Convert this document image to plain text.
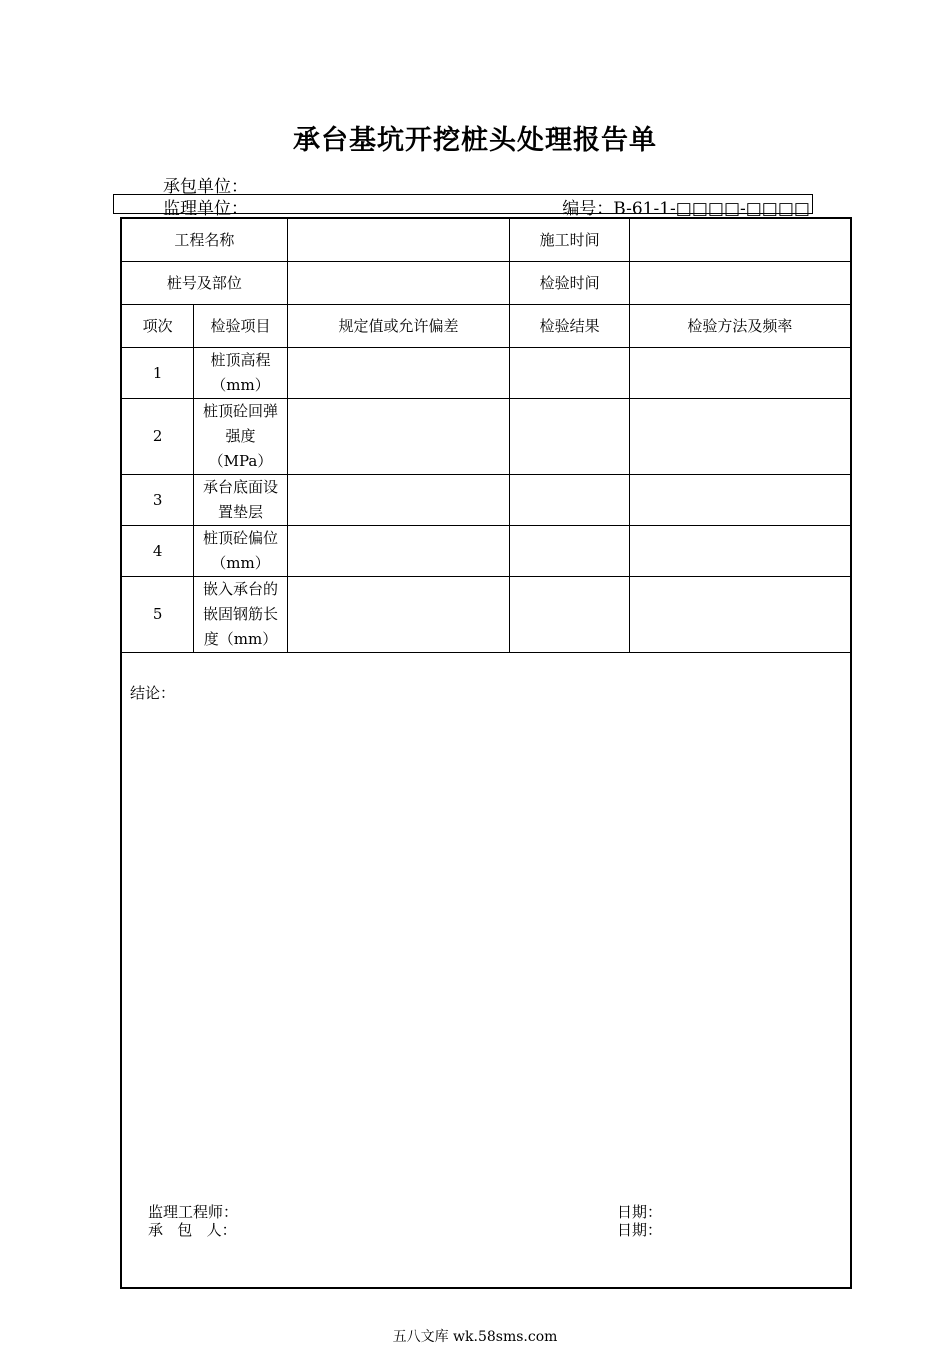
承台基坑开挖桩头处理报告单
承包单位：
监理单位：	编号：B-61-1-□□□□-□□□□
工程名称			施工时间	
桩号及部位			检验时间	
项次	检验项目	规定值或允许偏差	检验结果	检验方法及频率
1	桩顶高程（mm）			
2	桩顶砼回弹强度（MPa）			
3	承台底面设置垫层			
4	桩顶砼偏位（mm）			
5	嵌入承台的嵌固钢筋长度（mm）			
结论：				
监理工程师：	日期：
承   包   人：	日期：
五八文库 wk.58sms.com
